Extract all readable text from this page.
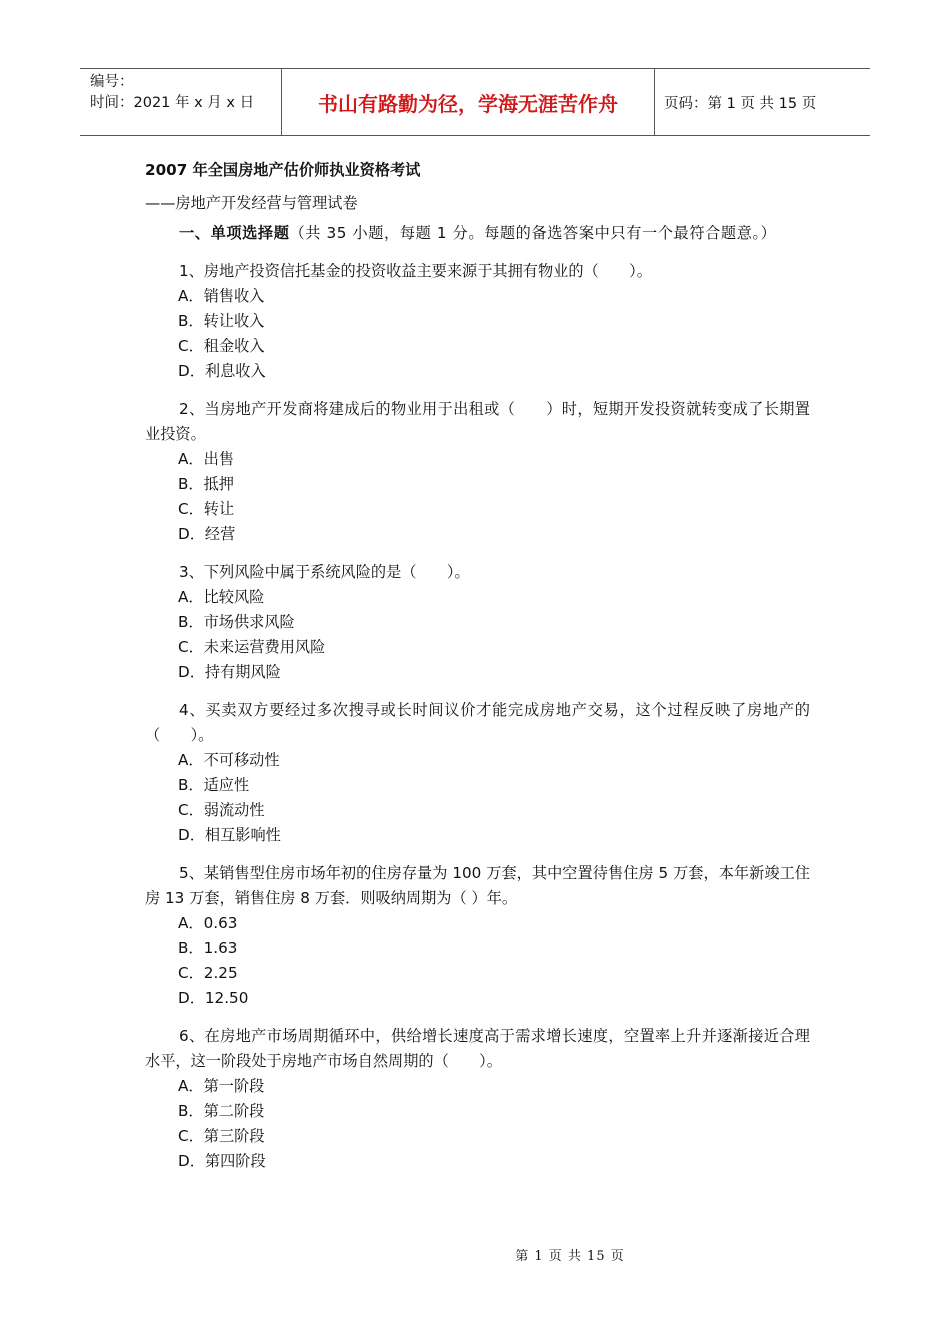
编号：
时间：2021 年 x 月 x 日	书山有路勤为径，学海无涯苦作舟	页码：第 1 页 共 15 页
2007 年全国房地产估价师执业资格考试
——房地产开发经营与管理试卷
一、单项选择题（共 35 小题，每题 1 分。每题的备选答案中只有一个最符合题意。）
1、房地产投资信托基金的投资收益主要来源于其拥有物业的（　　）。
A．销售收入
B．转让收入
C．租金收入
D．利息收入
2、当房地产开发商将建成后的物业用于出租或（　　）时，短期开发投资就转变成了长期置业投资。
A．出售
B．抵押
C．转让
D．经营
3、下列风险中属于系统风险的是（　　）。
A．比较风险
B．市场供求风险
C．未来运营费用风险
D．持有期风险
4、买卖双方要经过多次搜寻或长时间议价才能完成房地产交易，这个过程反映了房地产的（　　）。
A．不可移动性
B．适应性
C．弱流动性
D．相互影响性
5、某销售型住房市场年初的住房存量为 100 万套，其中空置待售住房 5 万套，本年新竣工住房 13 万套，销售住房 8 万套．则吸纳周期为（ ）年。
A．0.63
B．1.63
C．2.25
D．12.50
6、在房地产市场周期循环中，供给增长速度高于需求增长速度，空置率上升并逐渐接近合理水平，这一阶段处于房地产市场自然周期的（　　）。
A．第一阶段
B．第二阶段
C．第三阶段
D．第四阶段
第 1 页 共 15 页
